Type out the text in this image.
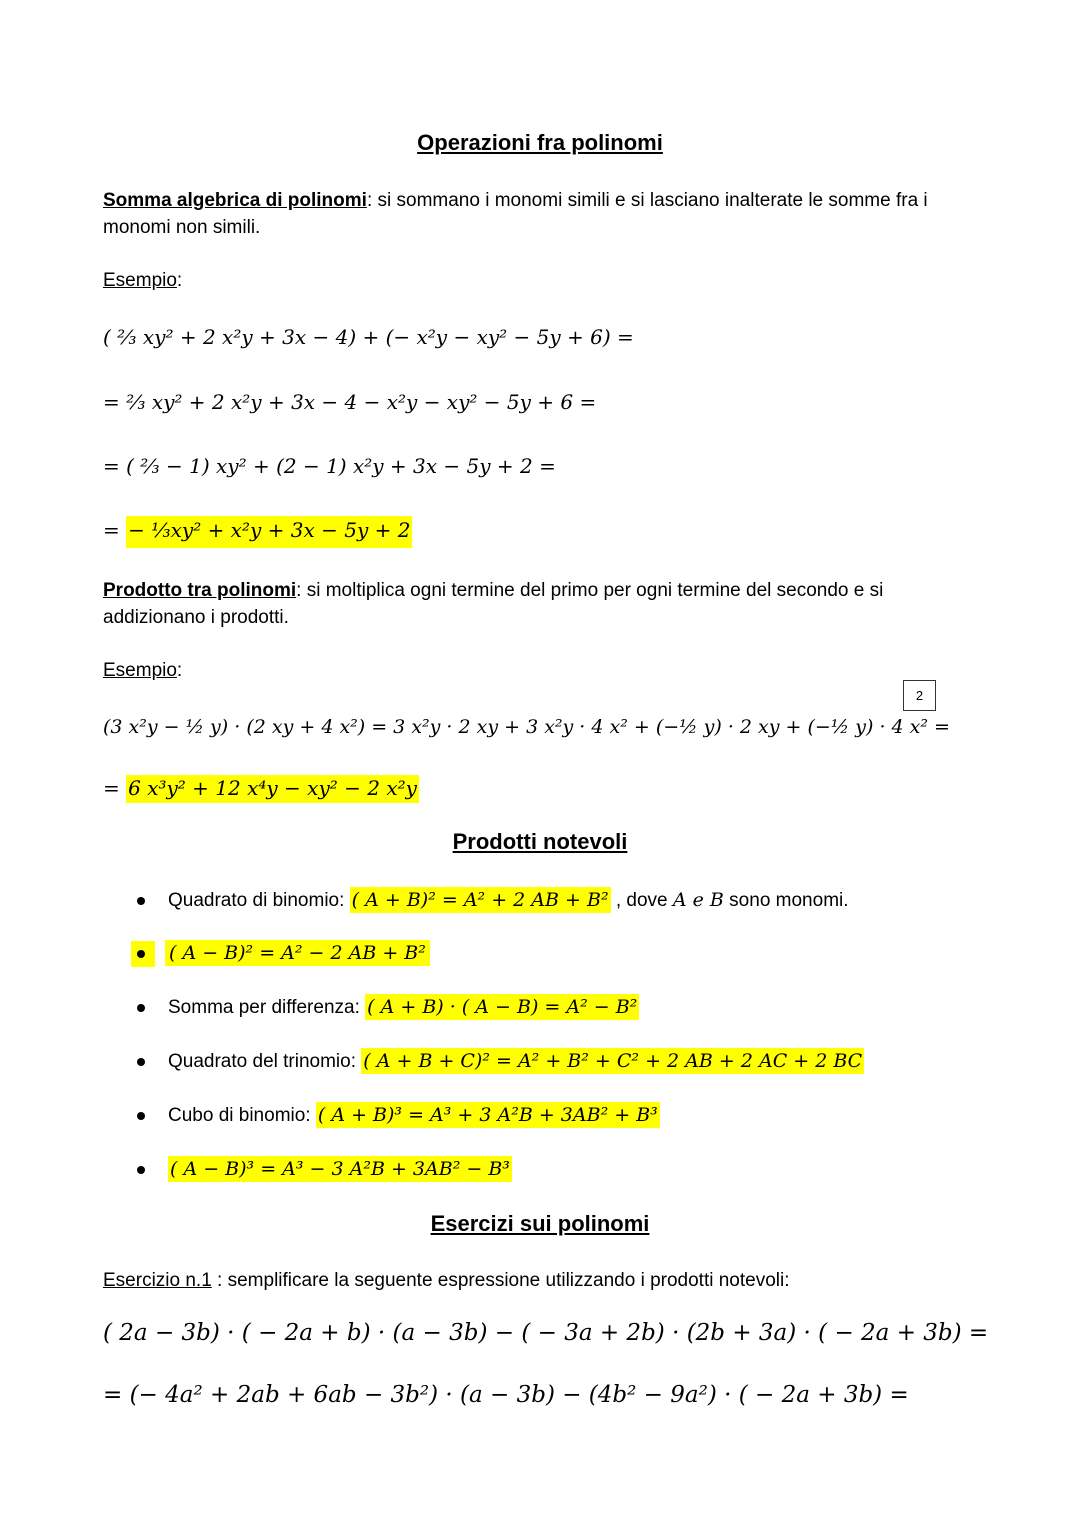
Operazioni fra polinomi
Somma algebrica di polinomi: si sommano i monomi simili e si lasciano inalterate le somme fra i
monomi non simili.
Esempio:
( ²⁄₃ xy² + 2 x²y + 3x − 4) + (− x²y − xy² − 5y + 6) =
= ²⁄₃ xy² + 2 x²y + 3x − 4 − x²y − xy² − 5y + 6 =
= ( ²⁄₃ − 1) xy² + (2 − 1) x²y + 3x − 5y + 2 =
= − ¹⁄₃xy² + x²y + 3x − 5y + 2
Prodotto tra polinomi: si moltiplica ogni termine del primo per ogni termine del secondo e si
addizionano i prodotti.
Esempio:
2
(3 x²y − ½ y) · (2 xy + 4 x²) = 3 x²y · 2 xy + 3 x²y · 4 x² + (−½ y) · 2 xy + (−½ y) · 4 x² =
= 6 x³y² + 12 x⁴y − xy² − 2 x²y
Prodotti notevoli
Quadrato di binomio: ( A + B)² = A² + 2 AB + B² , dove A e B sono monomi.
( A − B)² = A² − 2 AB + B²
Somma per differenza: ( A + B) · ( A − B) = A² − B²
Quadrato del trinomio: ( A + B + C)² = A² + B² + C² + 2 AB + 2 AC + 2 BC
Cubo di binomio: ( A + B)³ = A³ + 3 A²B + 3AB² + B³
( A − B)³ = A³ − 3 A²B + 3AB² − B³
Esercizi sui polinomi
Esercizio n.1 : semplificare la seguente espressione utilizzando i prodotti notevoli:
( 2a − 3b) · ( − 2a + b) · (a − 3b) − ( − 3a + 2b) · (2b + 3a) · ( − 2a + 3b) =
= (− 4a² + 2ab + 6ab − 3b²) · (a − 3b) − (4b² − 9a²) · ( − 2a + 3b) =
